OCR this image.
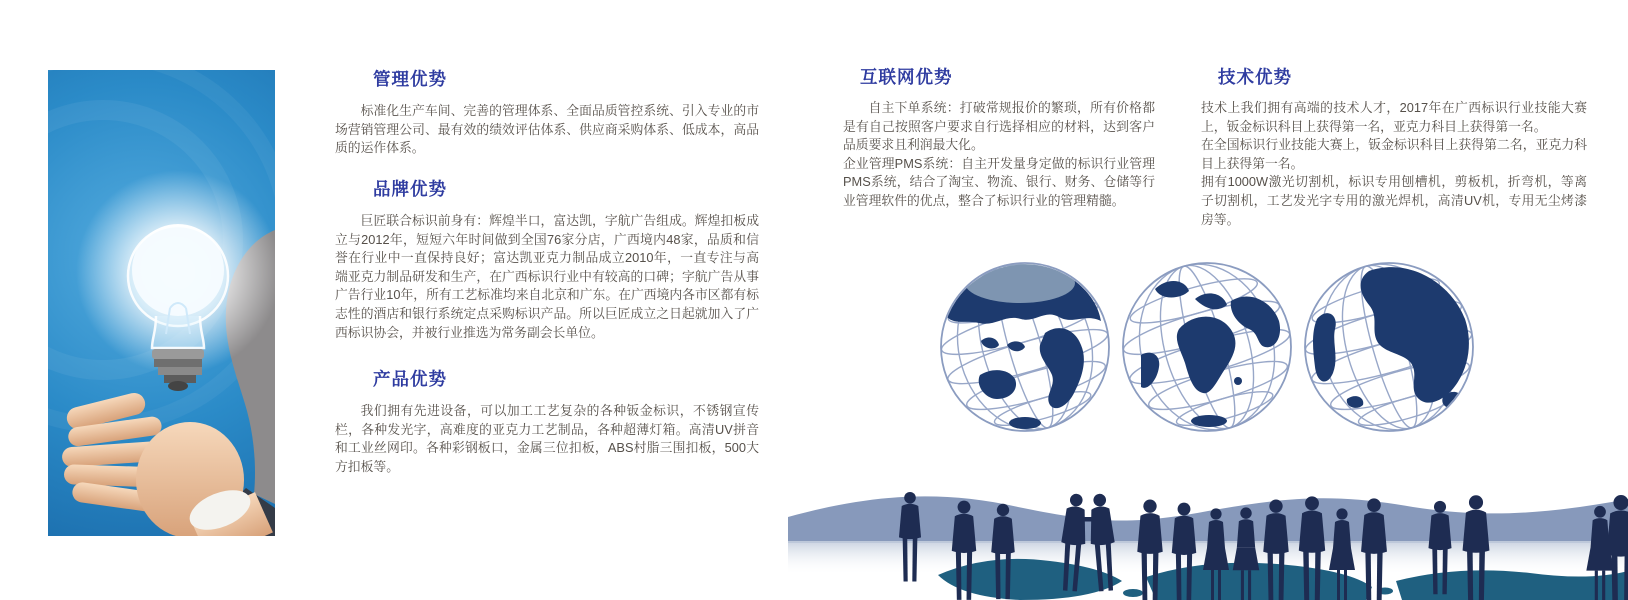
管理优势

标准化生产车间、完善的管理体系、全面品质管控系统、引入专业的市场营销管理公司、最有效的绩效评估体系、供应商采购体系、低成本，高品质的运作体系。

品牌优势

巨匠联合标识前身有：辉煌半口，富达凯，字航广告组成。辉煌扣板成立与2012年，短短六年时间做到全国76家分店，广西境内48家，品质和信誉在行业中一直保持良好；富达凯亚克力制品成立2010年，一直专注与高端亚克力制品研发和生产，在广西标识行业中有较高的口碑；字航广告从事广告行业10年，所有工艺标准均来自北京和广东。在广西境内各市区都有标志性的酒店和银行系统定点采购标识产品。所以巨匠成立之日起就加入了广西标识协会，并被行业推选为常务副会长单位。

产品优势

我们拥有先进设备，可以加工工艺复杂的各种钣金标识，不锈钢宣传栏，各种发光字，高难度的亚克力工艺制品，各种超薄灯箱。高清UV拼音和工业丝网印。各种彩钢板口，金属三位扣板，ABS村脂三围扣板，500大方扣板等。

互联网优势

自主下单系统：打破常规报价的繁琐，所有价格都是有自己按照客户要求自行选择相应的材料，达到客户品质要求且利润最大化。

企业管理PMS系统：自主开发量身定做的标识行业管理PMS系统，结合了淘宝、物流、银行、财务、仓储等行业管理软件的优点，整合了标识行业的管理精髓。

技术优势

技术上我们拥有高端的技术人才，2017年在广西标识行业技能大赛上，钣金标识科目上获得第一名，亚克力科目上获得第一名。

在全国标识行业技能大赛上，钣金标识科目上获得第二名，亚克力科目上获得第一名。

拥有1000W激光切割机，标识专用刨槽机，剪板机，折弯机，等离子切割机，工艺发光字专用的激光焊机，高清UV机，专用无尘烤漆房等。
